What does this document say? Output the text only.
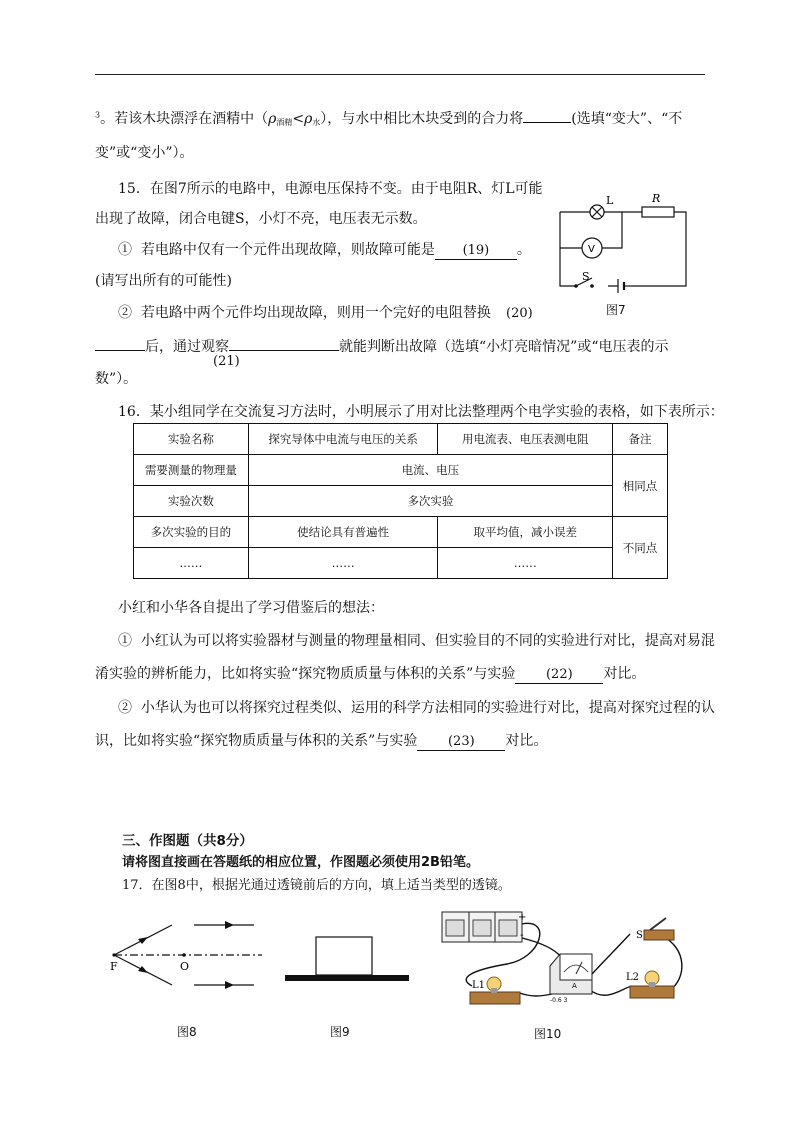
$^3$。若该木块漂浮在酒精中$(\rho_{酒精}<\rho_水)$，与水中相比木块受到的合力将	(选填“变大”、“不
变”或“变小”）。
15．在图7所示的电路中，电源电压保持不变。由于电阻R、灯L可能
出现了故障，闭合电键S，小灯不亮，电压表无示数。
① 若电路中仅有一个元件出现故障，则故障可能是 (19) 。
(请写出所有的可能性)
② 若电路中两个元件均出现故障，则用一个完好的电阻替换 (20)
后，通过观察
(21)
就能判断出故障（选填“小灯亮暗情况”或“电压表的示
数”）。
L	R
V
S
图7
16．某小组同学在交流复习方法时，小明展示了用对比法整理两个电学实验的表格，如下表所示：
实验名称	探究导体中电流与电压的关系	用电流表、电压表测电阻	备注
需要测量的物理量	电流、电压		相同点
实验次数	多次实验		
多次实验的目的	使结论具有普遍性	取平均值，减小误差	不同点
……	……	……	
小红和小华各自提出了学习借鉴后的想法：
① 小红认为可以将实验器材与测量的物理量相同、但实验目的不同的实验进行对比，提高对易混
淆实验的辨析能力，比如将实验“探究物质质量与体积的关系”与实验 (22) 对比。
② 小华认为也可以将探究过程类似、运用的科学方法相同的实验进行对比，提高对探究过程的认
识，比如将实验“探究物质质量与体积的关系”与实验 (23) 对比。
三、作图题（共8分）
请将图直接画在答题纸的相应位置，作图题必须使用2B铅笔。
17．在图8中，根据光通过透镜前后的方向，填上适当类型的透镜。
F	O
图8	图9
+
-
A
-0.6 3
L1
L2
S
图10
